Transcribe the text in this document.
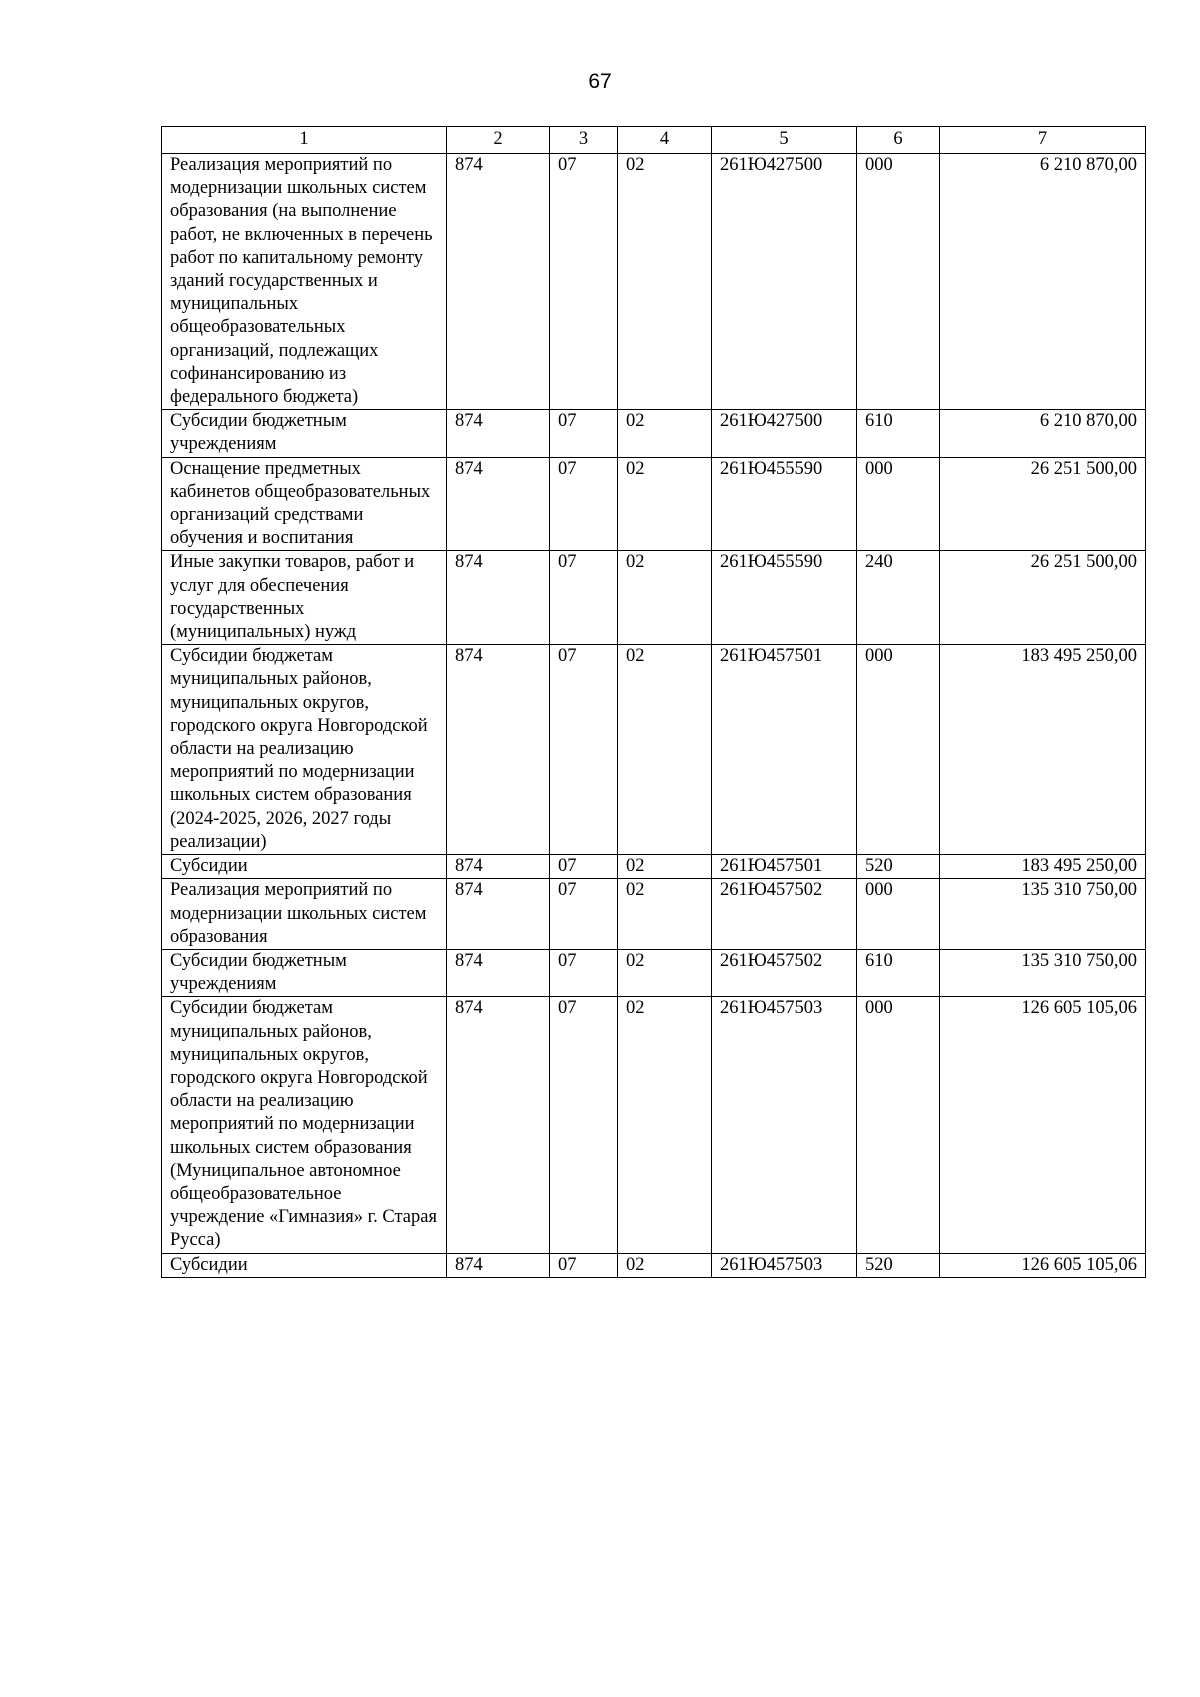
67
1	2	3	4	5	6	7
Реализация мероприятий по модернизации школьных систем образования (на выполнение работ, не включенных в перечень работ по капитальному ремонту зданий государственных и муниципальных общеобразовательных организаций, подлежащих софинансированию из федерального бюджета)	874	07	02	261Ю427500	000	6 210 870,00
Субсидии бюджетным учреждениям	874	07	02	261Ю427500	610	6 210 870,00
Оснащение предметных кабинетов общеобразовательных организаций средствами обучения и воспитания	874	07	02	261Ю455590	000	26 251 500,00
Иные закупки товаров, работ и услуг для обеспечения государственных (муниципальных) нужд	874	07	02	261Ю455590	240	26 251 500,00
Субсидии бюджетам муниципальных районов, муниципальных округов, городского округа Новгородской области на реализацию мероприятий по модернизации школьных систем образования (2024-2025, 2026, 2027 годы реализации)	874	07	02	261Ю457501	000	183 495 250,00
Субсидии	874	07	02	261Ю457501	520	183 495 250,00
Реализация мероприятий по модернизации школьных систем образования	874	07	02	261Ю457502	000	135 310 750,00
Субсидии бюджетным учреждениям	874	07	02	261Ю457502	610	135 310 750,00
Субсидии бюджетам муниципальных районов, муниципальных округов, городского округа Новгородской области на реализацию мероприятий по модернизации школьных систем образования (Муниципальное автономное общеобразовательное учреждение «Гимназия» г. Старая Русса)	874	07	02	261Ю457503	000	126 605 105,06
Субсидии	874	07	02	261Ю457503	520	126 605 105,06
